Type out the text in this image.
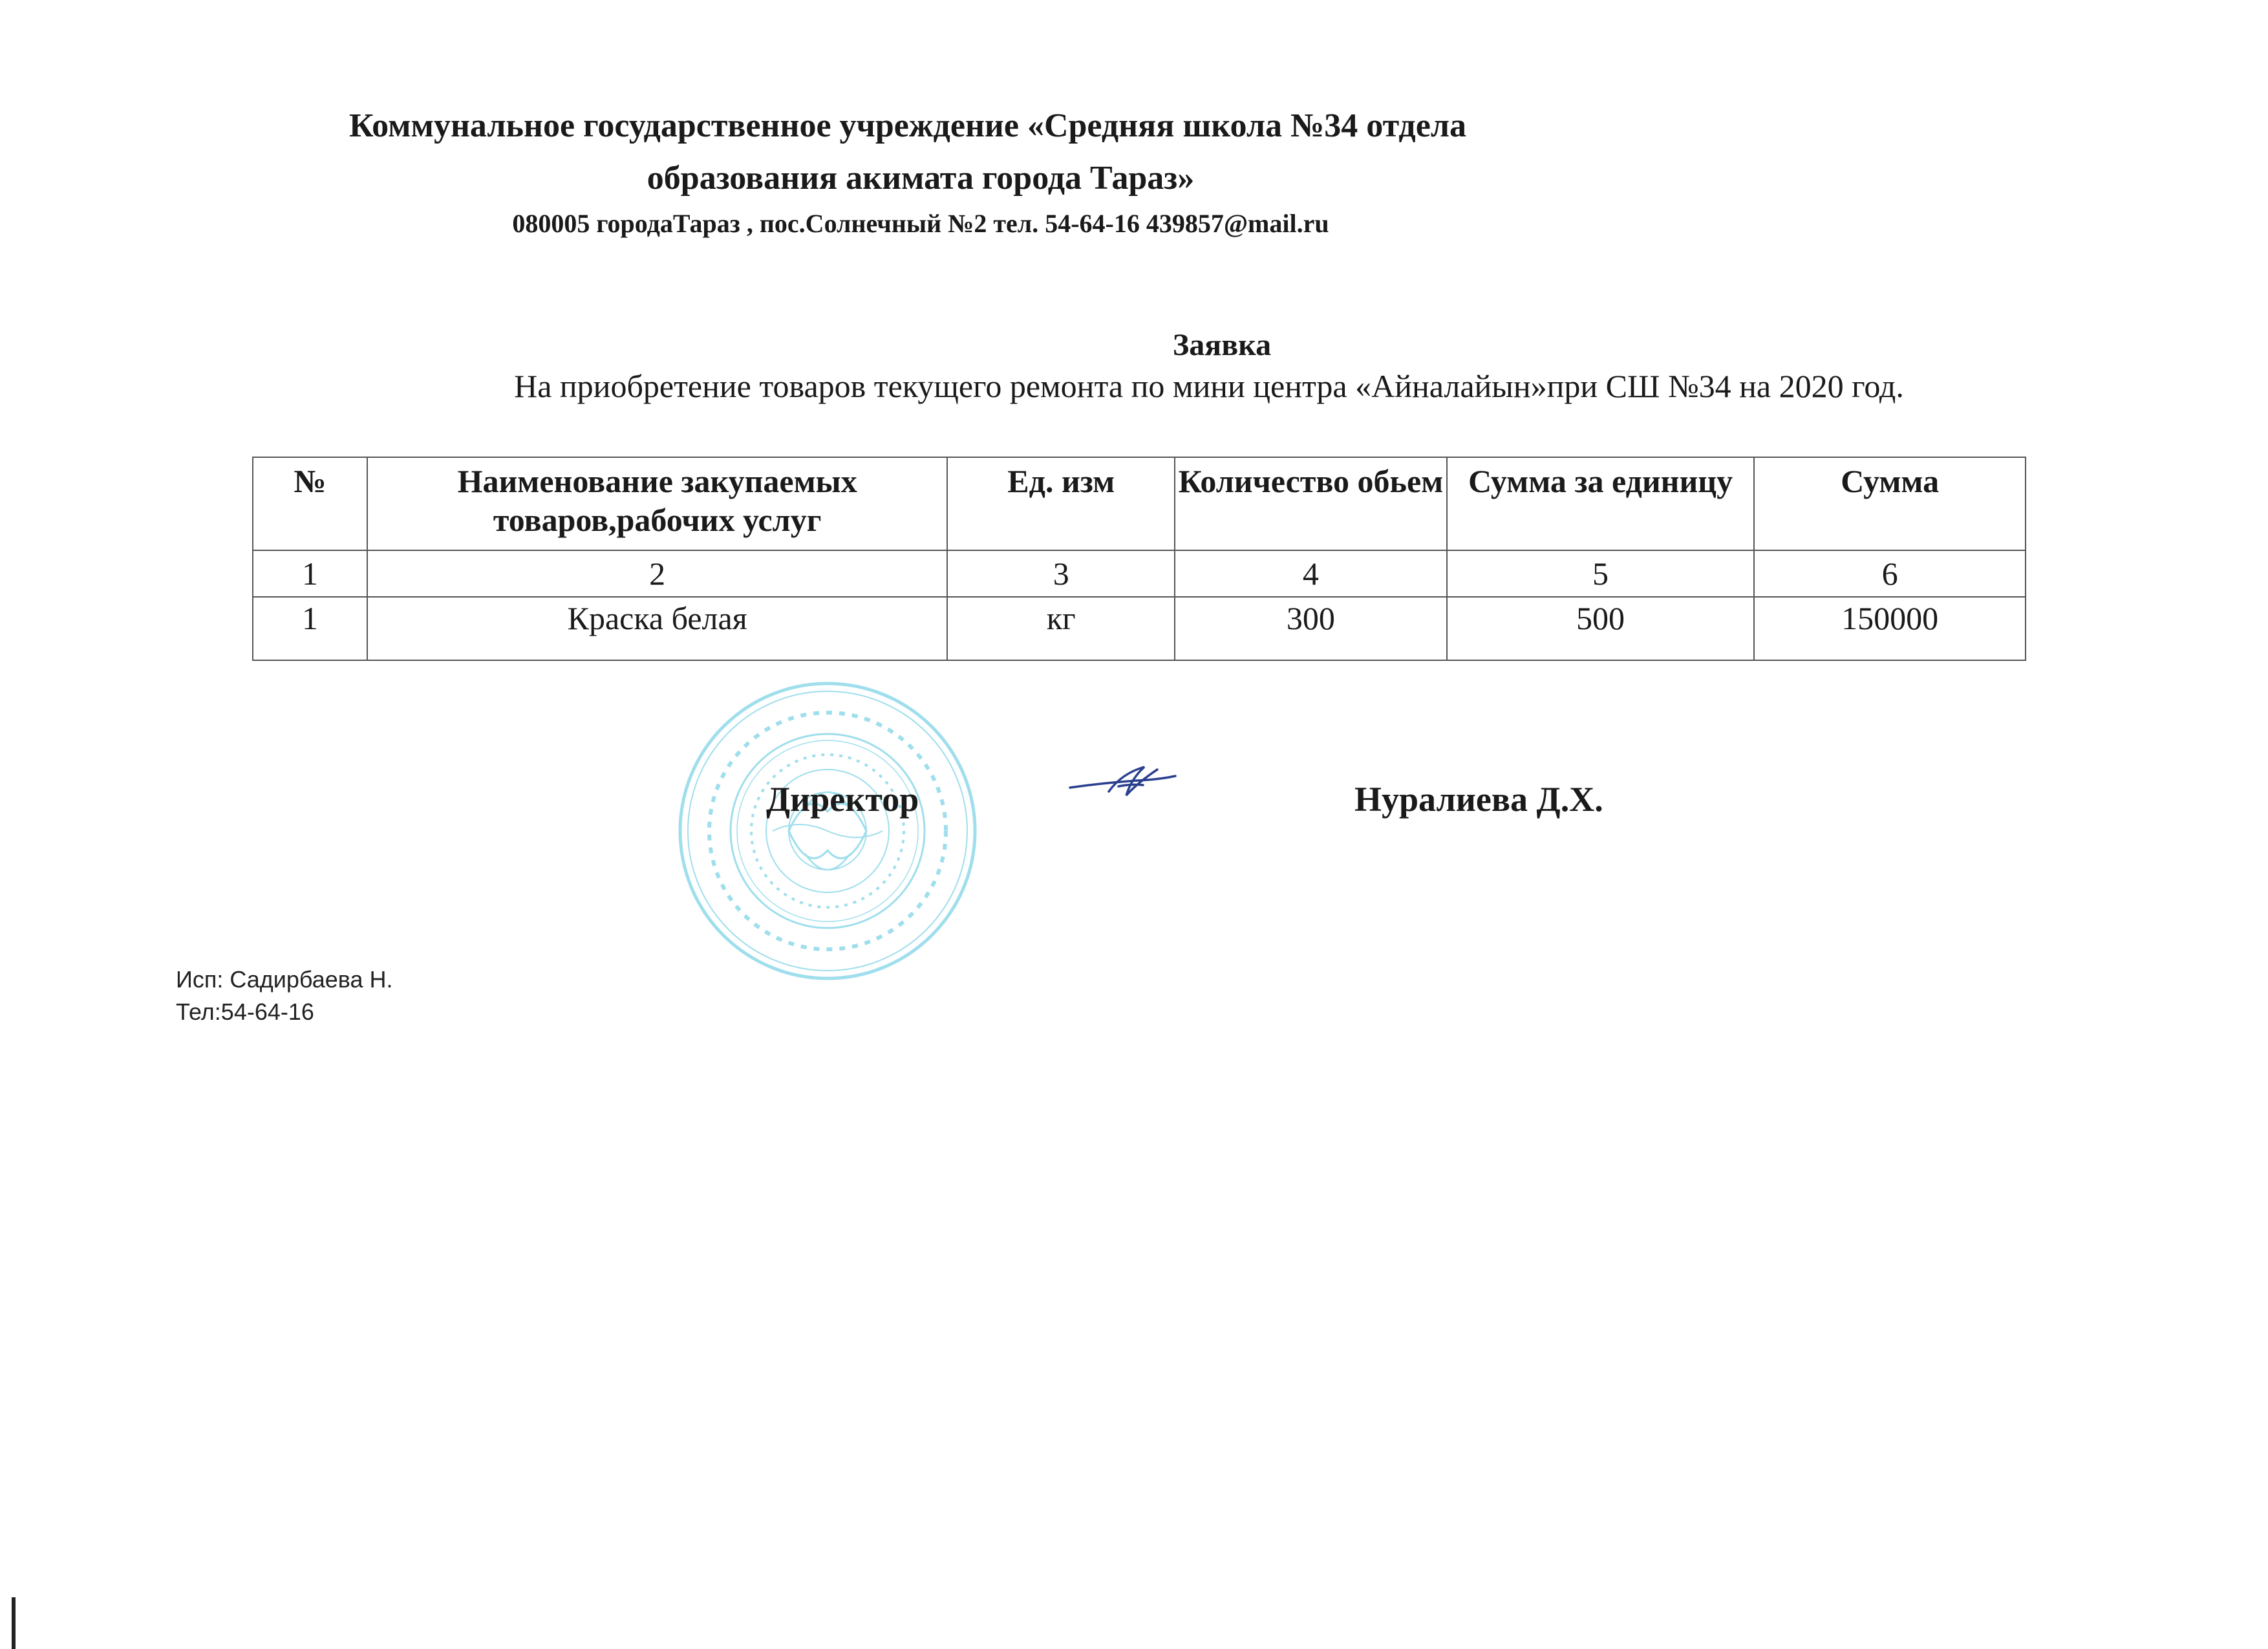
Коммунальное государственное учреждение «Средняя школа №34 отдела
образования акимата города Тараз»
080005 городаТараз , пос.Солнечный №2 тел. 54-64-16 439857@mail.ru
Заявка
На приобретение товаров текущего ремонта по мини центра «Айналайын»при СШ №34 на 2020 год.
№	Наименование закупаемых товаров,рабочих услуг	Ед. изм	Количество обьем	Сумма за единицу	Сумма
1	2	3	4	5	6
1	Краска белая	кг	300	500	150000
Директор	Нуралиева Д.Х.
Исп: Садирбаева Н.
Тел:54-64-16
